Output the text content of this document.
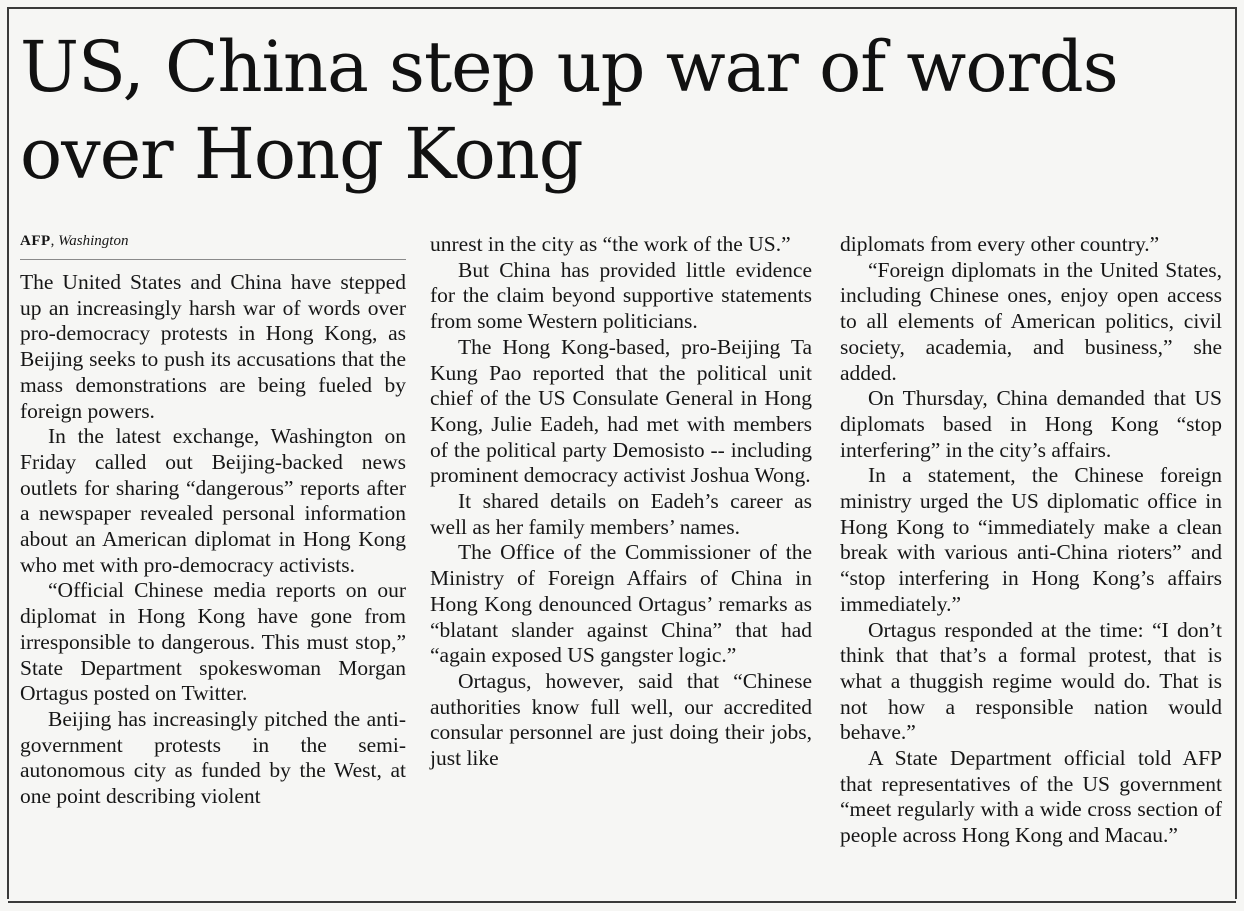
US, China step up war of words over Hong Kong
AFP, Washington

The United States and China have stepped up an increasingly harsh war of words over pro-democracy protests in Hong Kong, as Beijing seeks to push its accusations that the mass demonstrations are being fueled by foreign powers.

In the latest exchange, Washington on Friday called out Beijing-backed news outlets for sharing “dangerous” reports after a newspaper revealed personal information about an American diplomat in Hong Kong who met with pro-democracy activists.

“Official Chinese media reports on our diplomat in Hong Kong have gone from irresponsible to dangerous. This must stop,” State Department spokeswoman Morgan Ortagus posted on Twitter.

Beijing has increasingly pitched the anti-government protests in the semi-autonomous city as funded by the West, at one point describing violent

unrest in the city as “the work of the US.”

But China has provided little evidence for the claim beyond supportive statements from some Western politicians.

The Hong Kong-based, pro-Beijing Ta Kung Pao reported that the political unit chief of the US Consulate General in Hong Kong, Julie Eadeh, had met with members of the political party Demosisto -- including prominent democracy activist Joshua Wong.

It shared details on Eadeh’s career as well as her family members’ names.

The Office of the Commissioner of the Ministry of Foreign Affairs of China in Hong Kong denounced Ortagus’ remarks as “blatant slander against China” that had “again exposed US gangster logic.”

Ortagus, however, said that “Chinese authorities know full well, our accredited consular personnel are just doing their jobs, just like

diplomats from every other country.”

“Foreign diplomats in the United States, including Chinese ones, enjoy open access to all elements of American politics, civil society, academia, and business,” she added.

On Thursday, China demanded that US diplomats based in Hong Kong “stop interfering” in the city’s affairs.

In a statement, the Chinese foreign ministry urged the US diplomatic office in Hong Kong to “immediately make a clean break with various anti-China rioters” and “stop interfering in Hong Kong’s affairs immediately.”

Ortagus responded at the time: “I don’t think that that’s a formal protest, that is what a thuggish regime would do. That is not how a responsible nation would behave.”

A State Department official told AFP that representatives of the US government “meet regularly with a wide cross section of people across Hong Kong and Macau.”
